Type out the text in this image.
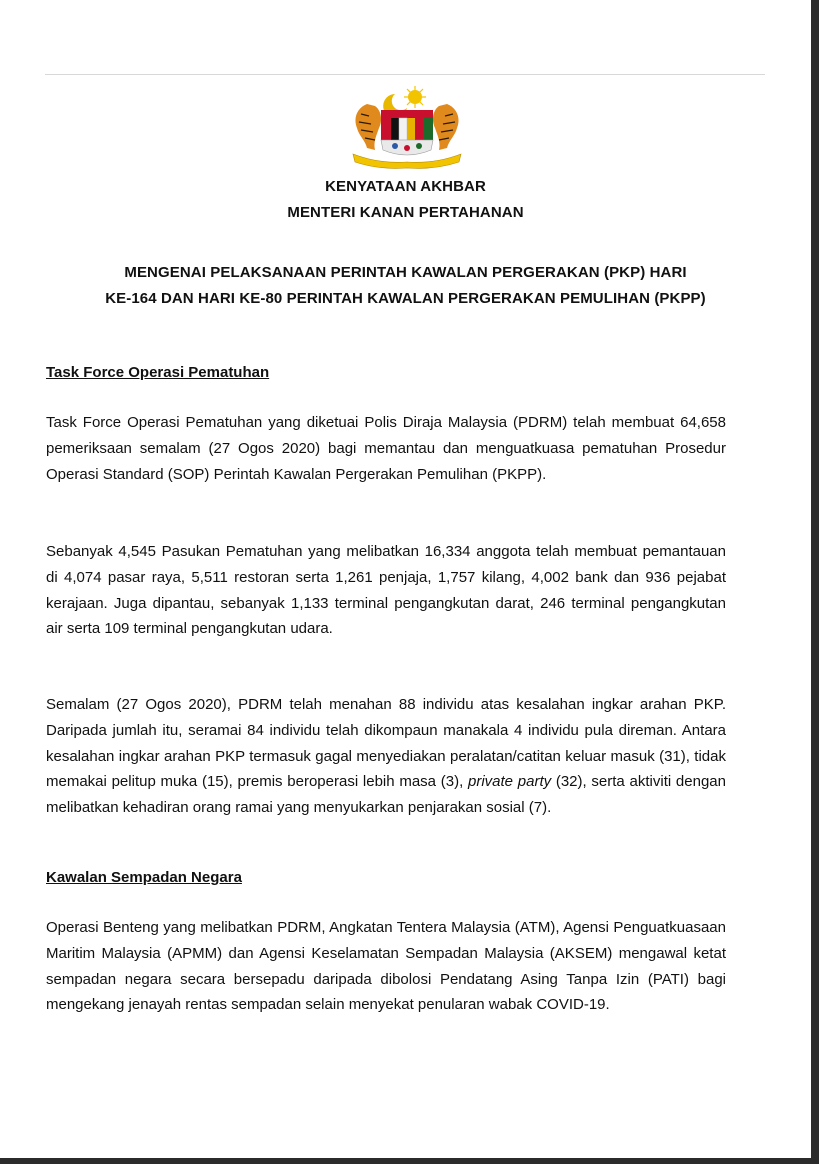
KENYATAAN AKHBAR
MENTERI KANAN PERTAHANAN
MENGENAI PELAKSANAAN PERINTAH KAWALAN PERGERAKAN (PKP) HARI
KE-164 DAN HARI KE-80 PERINTAH KAWALAN PERGERAKAN PEMULIHAN (PKPP)
Task Force Operasi Pematuhan
Task Force Operasi Pematuhan yang diketuai Polis Diraja Malaysia (PDRM) telah membuat 64,658 pemeriksaan semalam (27 Ogos 2020) bagi memantau dan menguatkuasa pematuhan Prosedur Operasi Standard (SOP) Perintah Kawalan Pergerakan Pemulihan (PKPP).
Sebanyak 4,545 Pasukan Pematuhan yang melibatkan 16,334 anggota telah membuat pemantauan di 4,074 pasar raya, 5,511 restoran serta 1,261 penjaja, 1,757 kilang, 4,002 bank dan 936 pejabat kerajaan. Juga dipantau, sebanyak 1,133 terminal pengangkutan darat, 246 terminal pengangkutan air serta 109 terminal pengangkutan udara.
Semalam (27 Ogos 2020), PDRM telah menahan 88 individu atas kesalahan ingkar arahan PKP. Daripada jumlah itu, seramai 84 individu telah dikompaun manakala 4 individu pula direman. Antara kesalahan ingkar arahan PKP termasuk gagal menyediakan peralatan/catitan keluar masuk (31), tidak memakai pelitup muka (15), premis beroperasi lebih masa (3), private party (32), serta aktiviti dengan melibatkan kehadiran orang ramai yang menyukarkan penjarakan sosial (7).
Kawalan Sempadan Negara
Operasi Benteng yang melibatkan PDRM, Angkatan Tentera Malaysia (ATM), Agensi Penguatkuasaan Maritim Malaysia (APMM) dan Agensi Keselamatan Sempadan Malaysia (AKSEM) mengawal ketat sempadan negara secara bersepadu daripada dibolosi Pendatang Asing Tanpa Izin (PATI) bagi mengekang jenayah rentas sempadan selain menyekat penularan wabak COVID-19.
